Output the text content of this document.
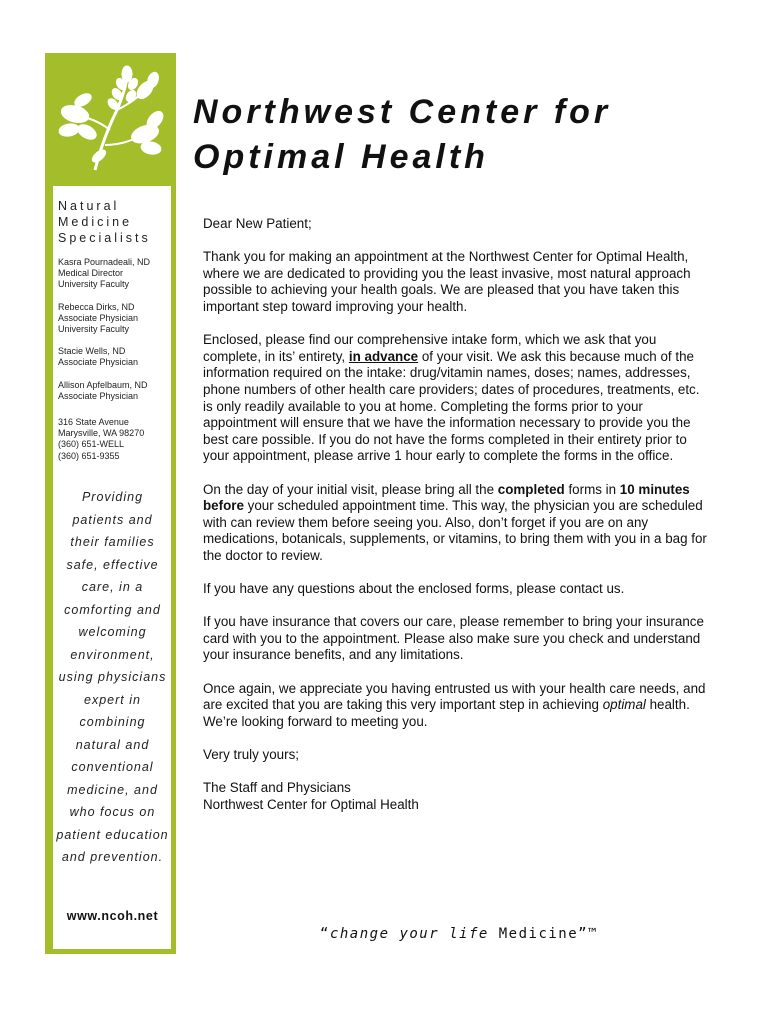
Natural
Medicine
Specialists
Kasra Pournadeali, ND
Medical Director
University Faculty
Rebecca Dirks, ND
Associate Physician
University Faculty
Stacie Wells, ND
Associate Physician
Allison Apfelbaum, ND
Associate Physician
316 State Avenue
Marysville, WA 98270
(360) 651-WELL
(360) 651-9355
Providing
patients and
their families
safe, effective
care, in a
comforting and
welcoming
environment,
using physicians
expert in
combining
natural and
conventional
medicine, and
who focus on
patient education
and prevention.
www.ncoh.net
Northwest Center for
Optimal Health

Dear New Patient;

Thank you for making an appointment at the Northwest Center for Optimal Health, where we are dedicated to providing you the least invasive, most natural approach possible to achieving your health goals. We are pleased that you have taken this important step toward improving your health.

Enclosed, please find our comprehensive intake form, which we ask that you complete, in its’ entirety, in advance of your visit. We ask this because much of the information required on the intake: drug/vitamin names, doses; names, addresses, phone numbers of other health care providers; dates of procedures, treatments, etc. is only readily available to you at home. Completing the forms prior to your appointment will ensure that we have the information necessary to provide you the best care possible. If you do not have the forms completed in their entirety prior to your appointment, please arrive 1 hour early to complete the forms in the office.

On the day of your initial visit, please bring all the completed forms in 10 minutes before your scheduled appointment time. This way, the physician you are scheduled with can review them before seeing you. Also, don’t forget if you are on any medications, botanicals, supplements, or vitamins, to bring them with you in a bag for the doctor to review.

If you have any questions about the enclosed forms, please contact us.

If you have insurance that covers our care, please remember to bring your insurance card with you to the appointment. Please also make sure you check and understand your insurance benefits, and any limitations.

Once again, we appreciate you having entrusted us with your health care needs, and are excited that you are taking this very important step in achieving optimal health. We’re looking forward to meeting you.

Very truly yours;

The Staff and Physicians
Northwest Center for Optimal Health
“change your life Medicine”™
